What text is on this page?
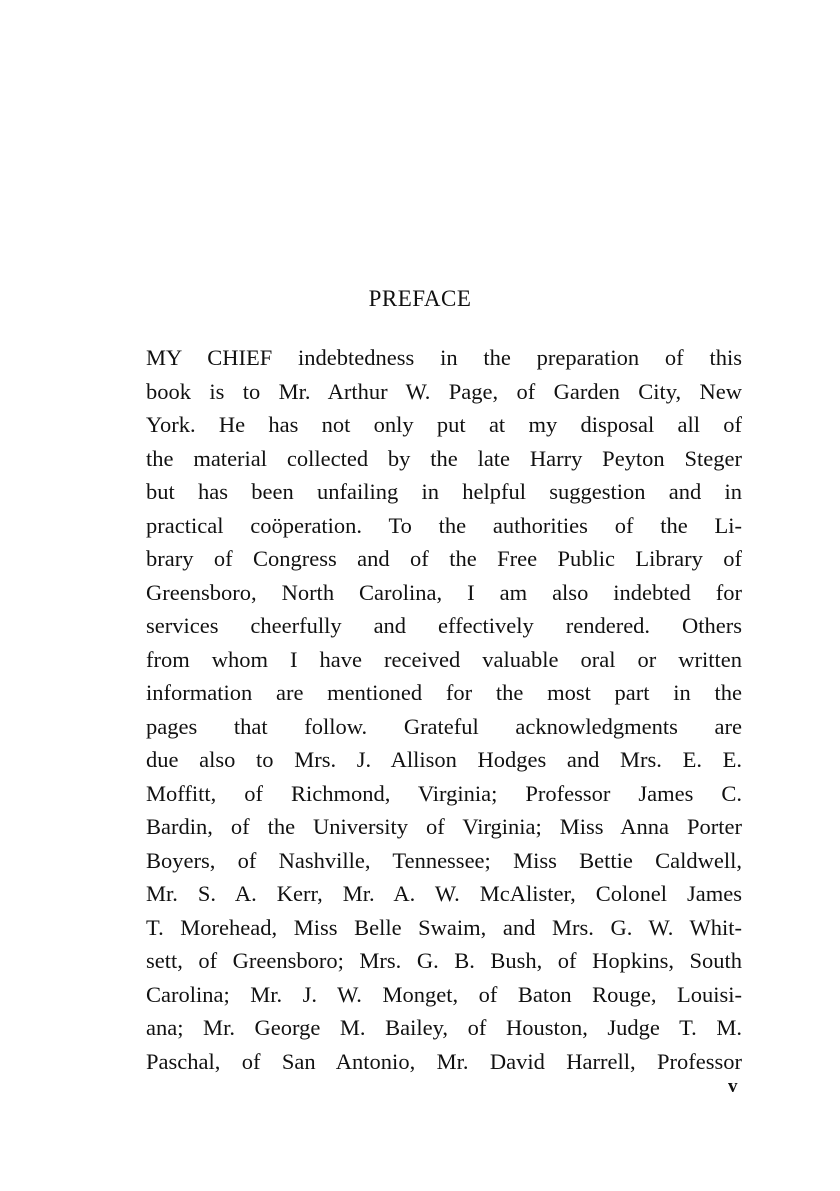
PREFACE
MY CHIEF indebtedness in the preparation of this
book is to Mr. Arthur W. Page, of Garden City, New
York. He has not only put at my disposal all of
the material collected by the late Harry Peyton Steger
but has been unfailing in helpful suggestion and in
practical coöperation. To the authorities of the Li-
brary of Congress and of the Free Public Library of
Greensboro, North Carolina, I am also indebted for
services cheerfully and effectively rendered. Others
from whom I have received valuable oral or written
information are mentioned for the most part in the
pages that follow. Grateful acknowledgments are
due also to Mrs. J. Allison Hodges and Mrs. E. E.
Moffitt, of Richmond, Virginia; Professor James C.
Bardin, of the University of Virginia; Miss Anna Porter
Boyers, of Nashville, Tennessee; Miss Bettie Caldwell,
Mr. S. A. Kerr, Mr. A. W. McAlister, Colonel James
T. Morehead, Miss Belle Swaim, and Mrs. G. W. Whit-
sett, of Greensboro; Mrs. G. B. Bush, of Hopkins, South
Carolina; Mr. J. W. Monget, of Baton Rouge, Louisi-
ana; Mr. George M. Bailey, of Houston, Judge T. M.
Paschal, of San Antonio, Mr. David Harrell, Professor
v
